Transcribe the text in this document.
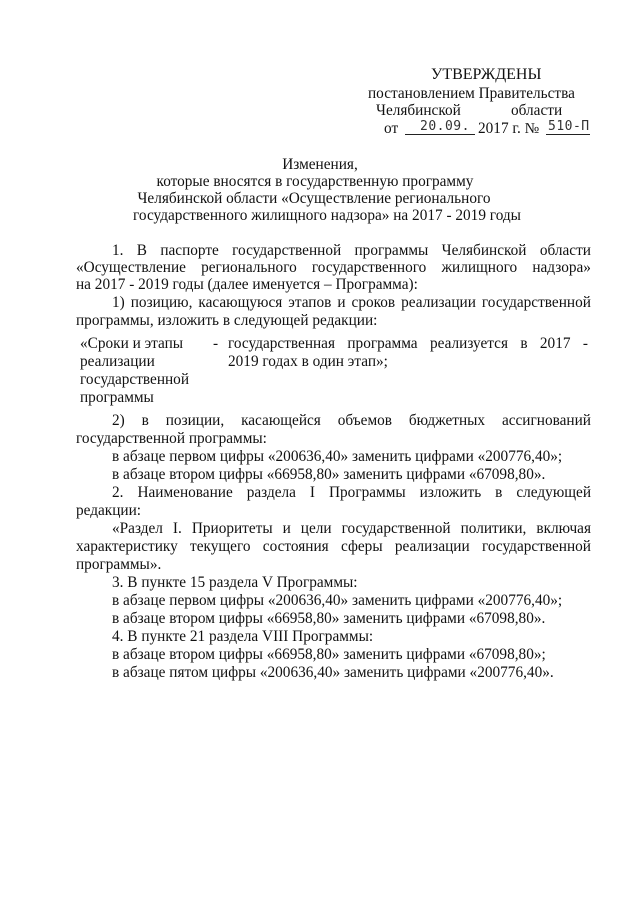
УТВЕРЖДЕНЫ
постановлением Правительства
Челябинской	области
от 20.09. 2017 г. № 510-П
Изменения,
которые вносятся в государственную программу
Челябинской области «Осуществление регионального
государственного жилищного надзора» на 2017 - 2019 годы
1. В паспорте государственной программы Челябинской области
«Осуществление регионального государственного жилищного надзора»
на 2017 - 2019 годы (далее именуется – Программа):
1) позицию, касающуюся этапов и сроков реализации государственной
программы, изложить в следующей редакции:
«Сроки и этапы
реализации
государственной
программы
- государственная программа реализуется в 2017 -
2019 годах в один этап»;
2) в позиции, касающейся объемов бюджетных ассигнований
государственной программы:
в абзаце первом цифры «200636,40» заменить цифрами «200776,40»;
в абзаце втором цифры «66958,80» заменить цифрами «67098,80».
2. Наименование раздела I Программы изложить в следующей
редакции:
«Раздел I. Приоритеты и цели государственной политики, включая
характеристику текущего состояния сферы реализации государственной
программы».
3. В пункте 15 раздела V Программы:
в абзаце первом цифры «200636,40» заменить цифрами «200776,40»;
в абзаце втором цифры «66958,80» заменить цифрами «67098,80».
4. В пункте 21 раздела VIII Программы:
в абзаце втором цифры «66958,80» заменить цифрами «67098,80»;
в абзаце пятом цифры «200636,40» заменить цифрами «200776,40».
